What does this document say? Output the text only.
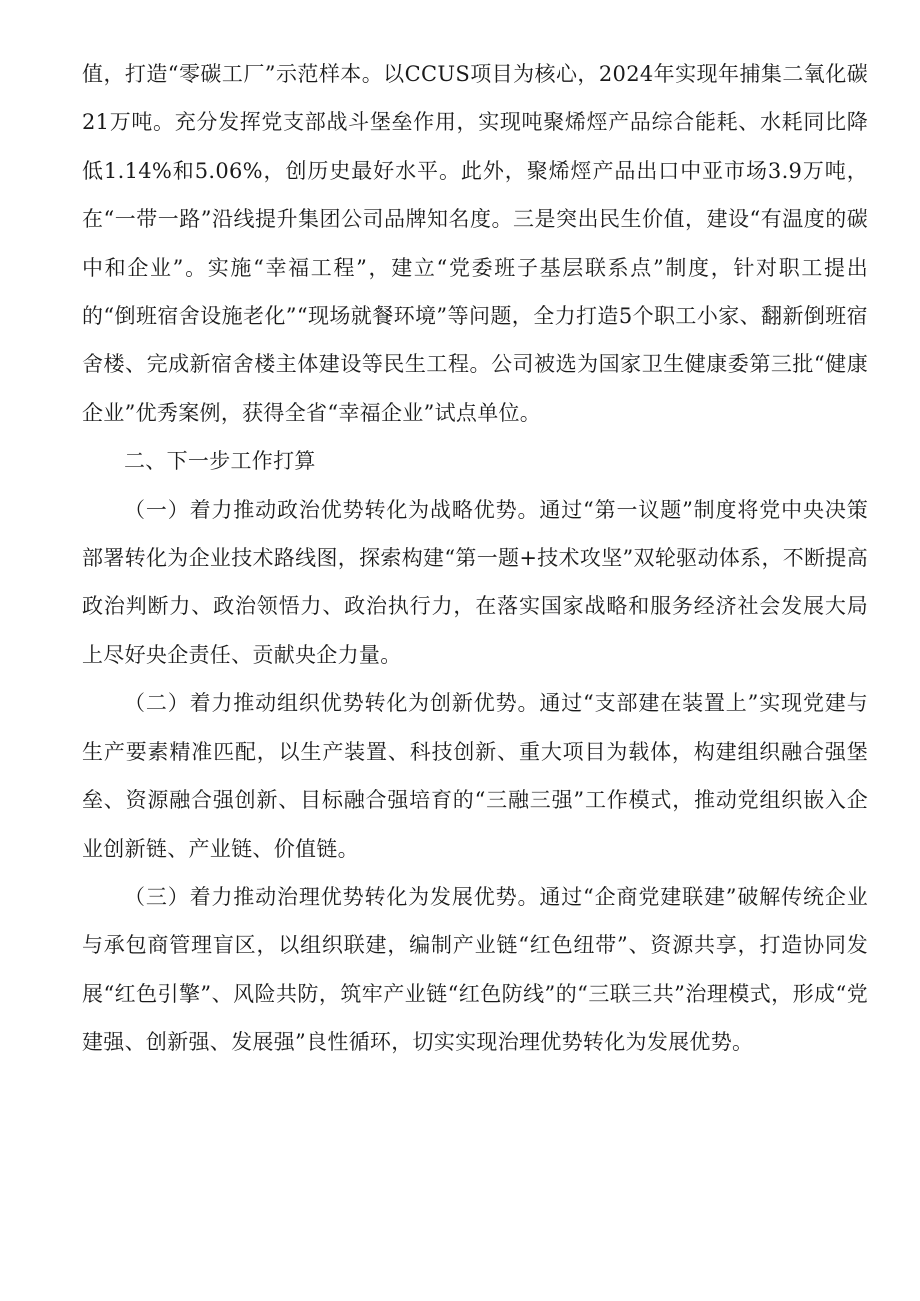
值，打造“零碳工厂”示范样本。以CCUS项目为核心，2024年实现年捕集二氧化碳21万吨。充分发挥党支部战斗堡垒作用，实现吨聚烯烴产品综合能耗、水耗同比降低1.14%和5.06%，创历史最好水平。此外，聚烯烴产品出口中亚市场3.9万吨，在“一带一路”沿线提升集团公司品牌知名度。三是突出民生价值，建设“有温度的碳中和企业”。实施“幸福工程”，建立“党委班子基层联系点”制度，针对职工提出的“倒班宿舍设施老化”“现场就餐环境”等问题，全力打造5个职工小家、翻新倒班宿舍楼、完成新宿舍楼主体建设等民生工程。公司被选为国家卫生健康委第三批“健康企业”优秀案例，获得全省“幸福企业”试点单位。

二、下一步工作打算

（一）着力推动政治优势转化为战略优势。通过“第一议题”制度将党中央决策部署转化为企业技术路线图，探索构建“第一题+技术攻坚”双轮驱动体系，不断提高政治判断力、政治领悟力、政治执行力，在落实国家战略和服务经济社会发展大局上尽好央企责任、贡献央企力量。

（二）着力推动组织优势转化为创新优势。通过“支部建在装置上”实现党建与生产要素精准匹配，以生产装置、科技创新、重大项目为载体，构建组织融合强堡垒、资源融合强创新、目标融合强培育的“三融三强”工作模式，推动党组织嵌入企业创新链、产业链、价值链。

（三）着力推动治理优势转化为发展优势。通过“企商党建联建”破解传统企业与承包商管理盲区，以组织联建，编制产业链“红色纽带”、资源共享，打造协同发展“红色引擎”、风险共防，筑牢产业链“红色防线”的“三联三共”治理模式，形成“党建强、创新强、发展强”良性循环，切实实现治理优势转化为发展优势。
